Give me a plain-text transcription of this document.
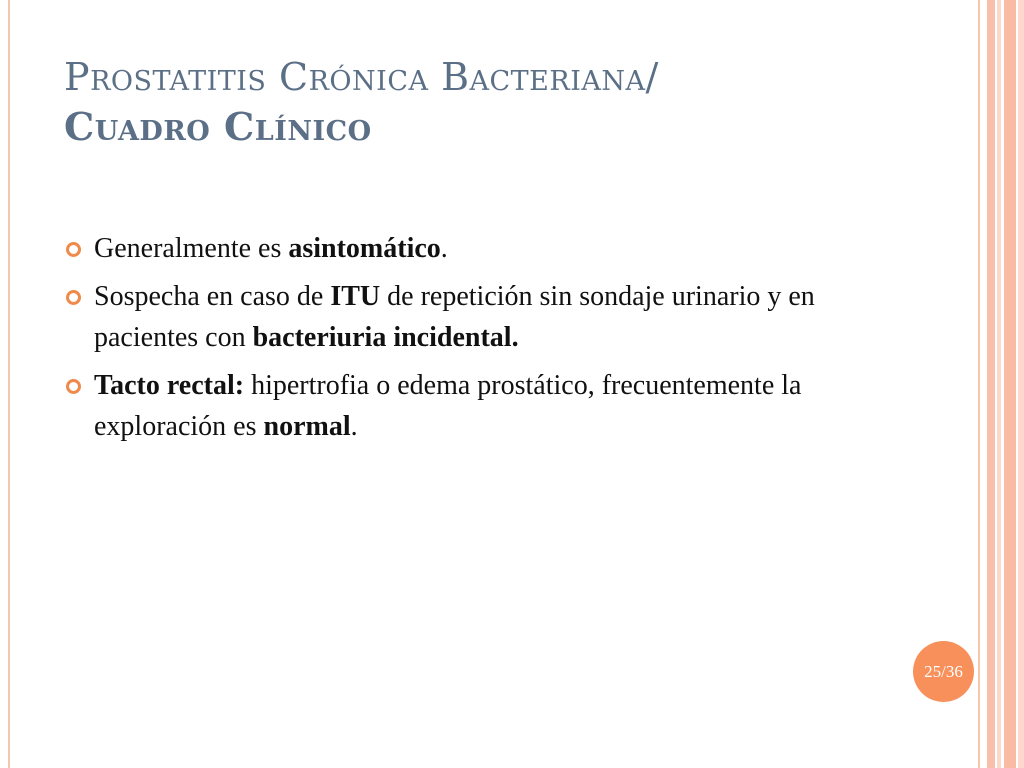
Prostatitis Crónica Bacteriana/
Cuadro Clínico
Generalmente es asintomático.
Sospecha en caso de ITU de repetición sin sondaje urinario y en pacientes con bacteriuria incidental.
Tacto rectal: hipertrofia o edema prostático, frecuentemente la exploración es normal.
25/36
